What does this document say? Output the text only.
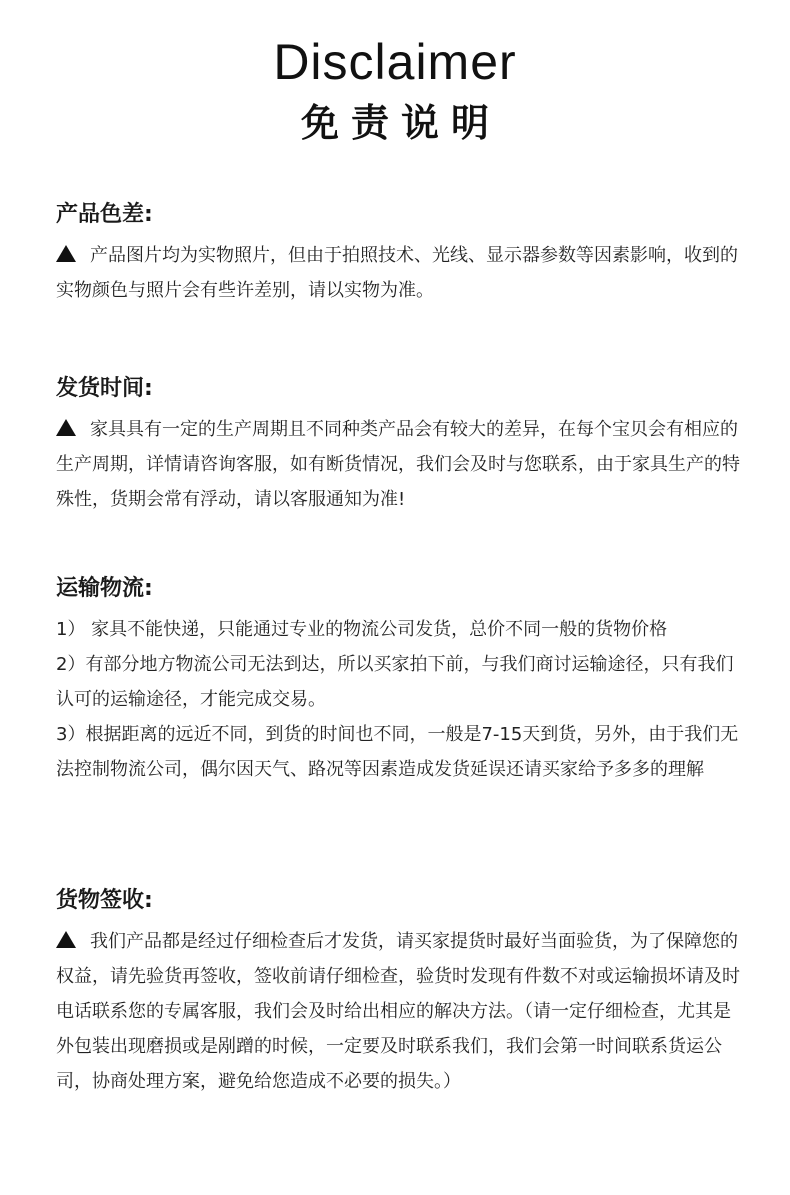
Disclaimer
免责说明
产品色差:

产品图片均为实物照片，但由于拍照技术、光线、显示器参数等因素影响，收到的实物颜色与照片会有些许差别，请以实物为准。

发货时间:

家具具有一定的生产周期且不同种类产品会有较大的差异，在每个宝贝会有相应的生产周期，详情请咨询客服，如有断货情况，我们会及时与您联系，由于家具生产的特殊性，货期会常有浮动，请以客服通知为准!

运输物流:

1） 家具不能快递，只能通过专业的物流公司发货，总价不同一般的货物价格

2）有部分地方物流公司无法到达，所以买家拍下前，与我们商讨运输途径，只有我们认可的运输途径，才能完成交易。

3）根据距离的远近不同，到货的时间也不同，一般是7-15天到货，另外，由于我们无法控制物流公司，偶尔因天气、路况等因素造成发货延误还请买家给予多多的理解

货物签收:

我们产品都是经过仔细检查后才发货，请买家提货时最好当面验货，为了保障您的权益，请先验货再签收，签收前请仔细检查，验货时发现有件数不对或运输损坏请及时电话联系您的专属客服，我们会及时给出相应的解决方法。（请一定仔细检查，尤其是外包装出现磨损或是剐蹭的时候，一定要及时联系我们，我们会第一时间联系货运公司，协商处理方案，避免给您造成不必要的损失。）
